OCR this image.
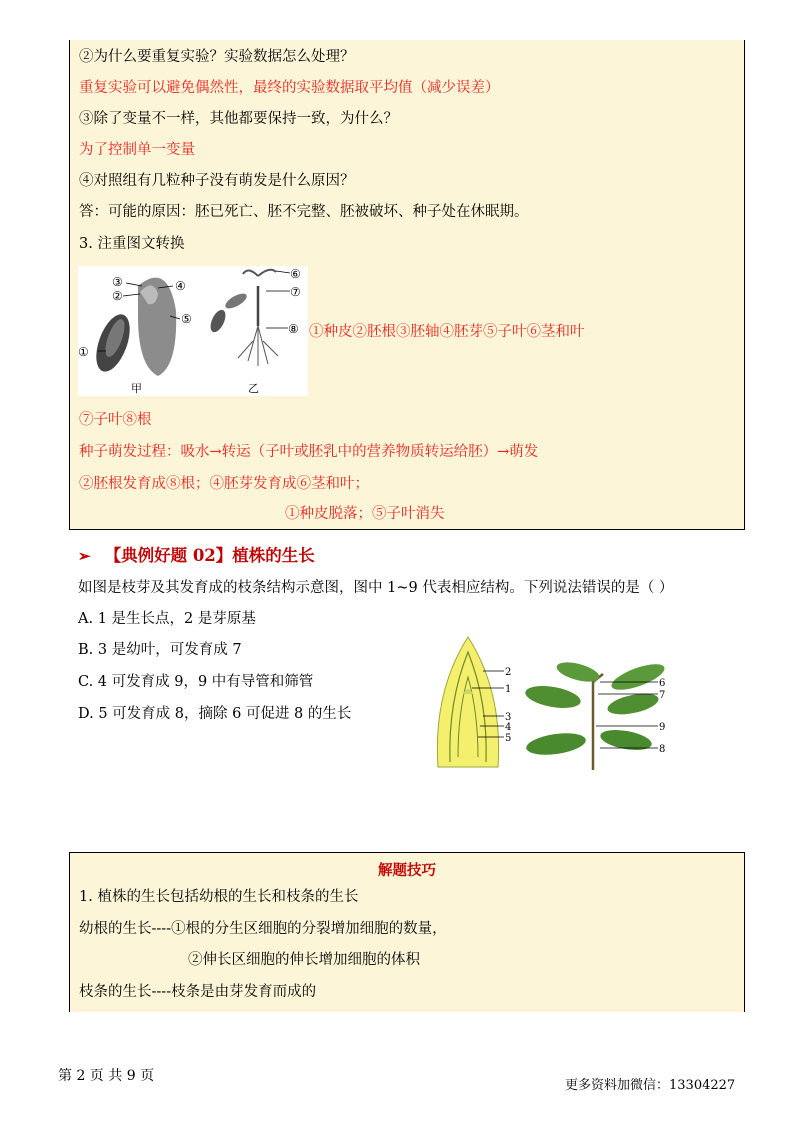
②为什么要重复实验？实验数据怎么处理？
重复实验可以避免偶然性，最终的实验数据取平均值（减少误差）
③除了变量不一样，其他都要保持一致，为什么？
为了控制单一变量
④对照组有几粒种子没有萌发是什么原因？
答：可能的原因：胚已死亡、胚不完整、胚被破坏、种子处在休眠期。
3. 注重图文转换
①
②
③	④
⑤
甲
⑥
⑦
⑧
乙
①种皮②胚根③胚轴④胚芽⑤子叶⑥茎和叶
⑦子叶⑧根
种子萌发过程：吸水→转运（子叶或胚乳中的营养物质转运给胚）→萌发
②胚根发育成⑧根；④胚芽发育成⑥茎和叶；
①种皮脱落；⑤子叶消失
➢ 【典例好题 02】植株的生长
如图是枝芽及其发育成的枝条结构示意图，图中 1~9 代表相应结构。下列说法错误的是（ ）
A. 1 是生长点，2 是芽原基
B. 3 是幼叶，可发育成 7
C. 4 可发育成 9，9 中有导管和筛管
D. 5 可发育成 8，摘除 6 可促进 8 的生长
2
1
3
4
5
6
7
9
8
解题技巧
1. 植株的生长包括幼根的生长和枝条的生长
幼根的生长----①根的分生区细胞的分裂增加细胞的数量，
②伸长区细胞的伸长增加细胞的体积
枝条的生长----枝条是由芽发育而成的
第 2 页 共 9 页
更多资料加微信：13304227
